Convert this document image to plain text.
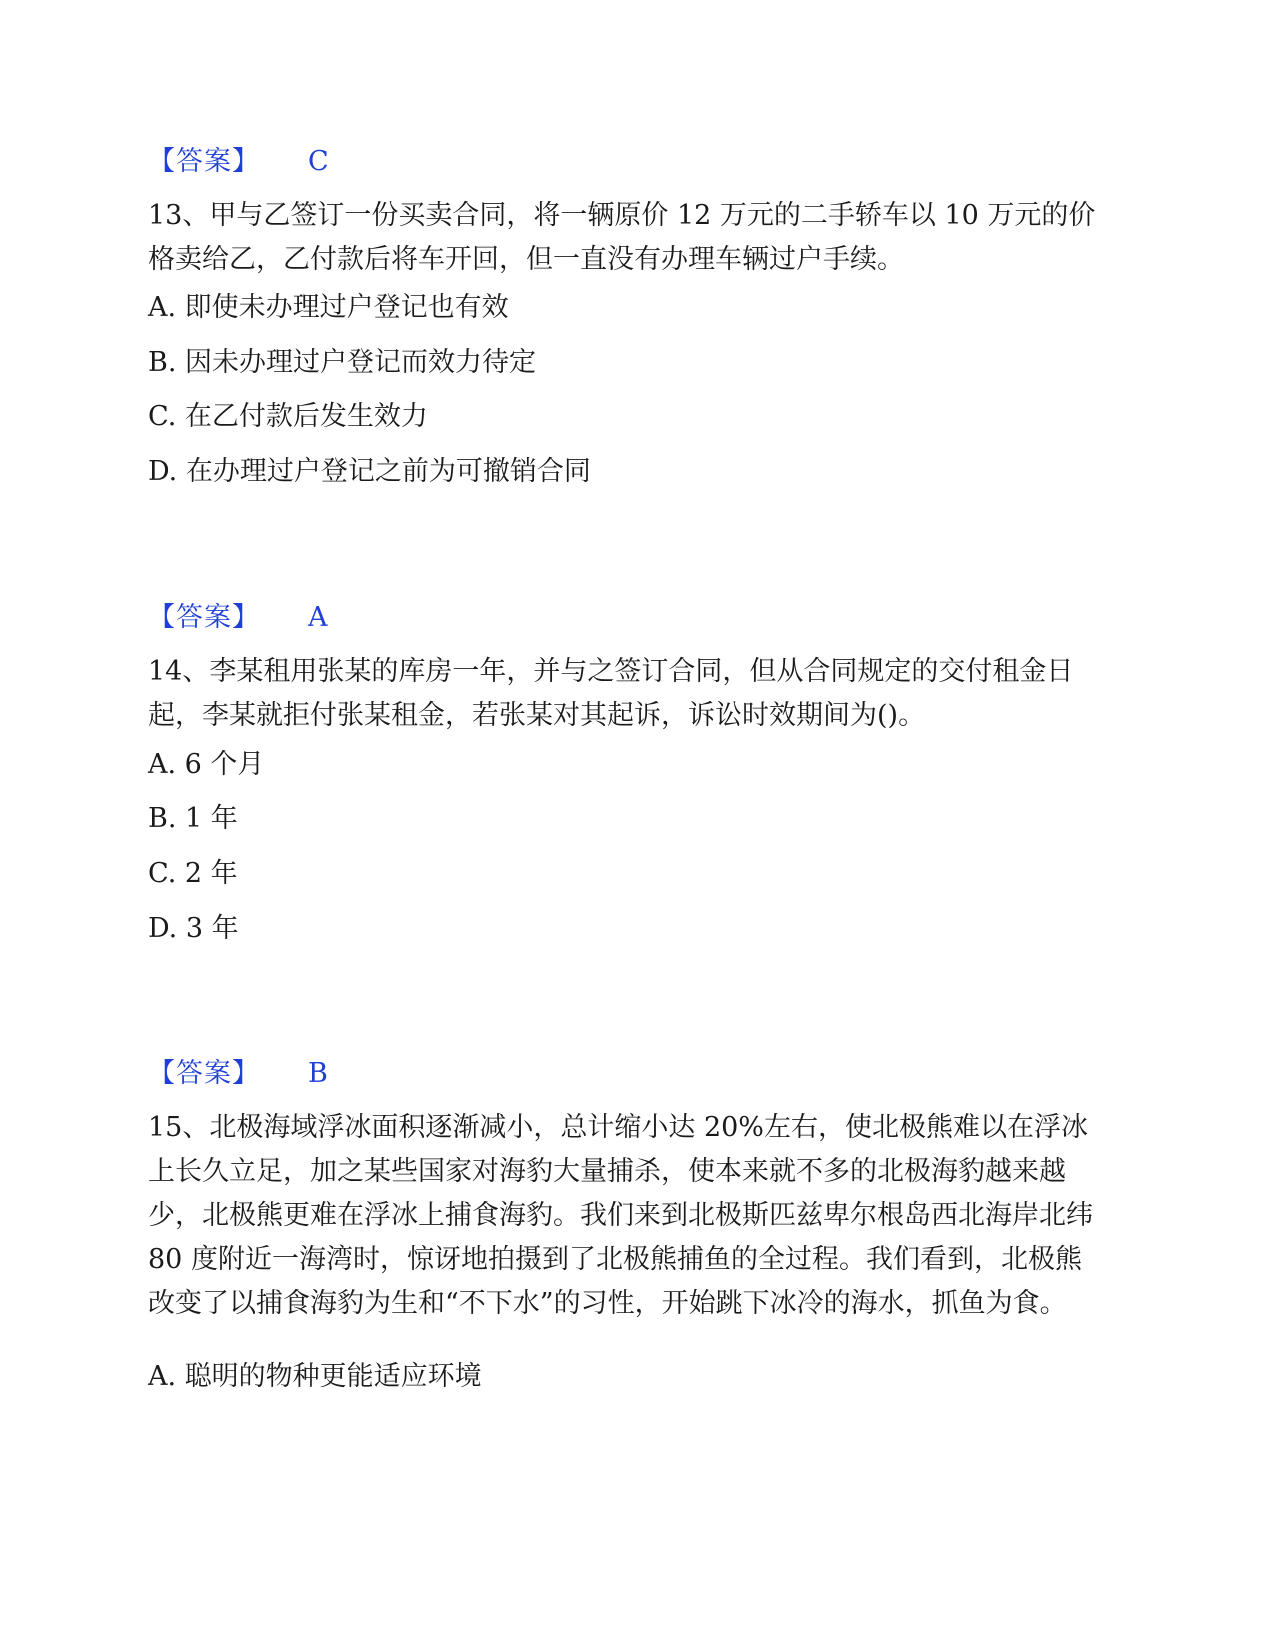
【答案】 C

13、甲与乙签订一份买卖合同，将一辆原价 12 万元的二手轿车以 10 万元的价格卖给乙，乙付款后将车开回，但一直没有办理车辆过户手续。

A. 即使未办理过户登记也有效

B. 因未办理过户登记而效力待定

C. 在乙付款后发生效力

D. 在办理过户登记之前为可撤销合同

【答案】 A

14、李某租用张某的库房一年，并与之签订合同，但从合同规定的交付租金日起，李某就拒付张某租金，若张某对其起诉，诉讼时效期间为()。

A. 6 个月

B. 1 年

C. 2 年

D. 3 年

【答案】 B

15、北极海域浮冰面积逐渐减小，总计缩小达 20%左右，使北极熊难以在浮冰上长久立足，加之某些国家对海豹大量捕杀，使本来就不多的北极海豹越来越少，北极熊更难在浮冰上捕食海豹。我们来到北极斯匹兹卑尔根岛西北海岸北纬 80 度附近一海湾时，惊讶地拍摄到了北极熊捕鱼的全过程。我们看到，北极熊改变了以捕食海豹为生和“不下水”的习性，开始跳下冰冷的海水，抓鱼为食。

A. 聪明的物种更能适应环境
